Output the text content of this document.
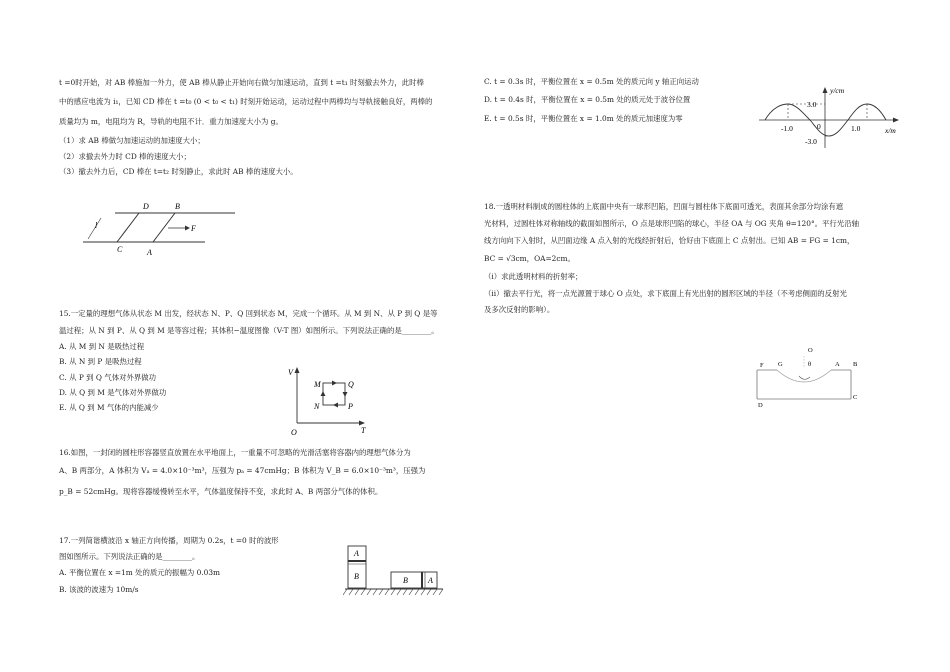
t =0时开始，对 AB 棒施加一外力，使 AB 棒从静止开始向右做匀加速运动，直到 t =t₁ 时刻撤去外力，此时棒
中的感应电流为 i₁，已知 CD 棒在 t =t₀ (0 < t₀ < t₁) 时刻开始运动，运动过程中两棒均与导轨接触良好，两棒的
质量均为 m，电阻均为 R，导轨的电阻不计．重力加速度大小为 g。
（1）求 AB 棒做匀加速运动的加速度大小；
（2）求撤去外力时 CD 棒的速度大小；
（3）撤去外力后，CD 棒在 t=t₂ 时刻静止，求此时 AB 棒的速度大小。
D	B
C	A
F
l
15.一定量的理想气体从状态 M 出发，经状态 N、P、Q 回到状态 M，完成一个循环。从 M 到 N、从 P 到 Q 是等
温过程；从 N 到 P、从 Q 到 M 是等容过程；其体积−温度图像（V-T 图）如图所示。下列说法正确的是________。
A. 从 M 到 N 是吸热过程
B. 从 N 到 P 是吸热过程
C. 从 P 到 Q 气体对外界做功
D. 从 Q 到 M 是气体对外界做功
E. 从 Q 到 M 气体的内能减少
V
T
O
M	Q
N	P
16.如图，一封闭的圆柱形容器竖直放置在水平地面上，一重量不可忽略的光滑活塞将容器内的理想气体分为
A、B 两部分，A 体积为 Vₐ = 4.0×10⁻³m³，压强为 pₐ = 47cmHg；B 体积为 V_B = 6.0×10⁻³m³，压强为
p_B = 52cmHg。现将容器缓慢转至水平，气体温度保持不变，求此时 A、B 两部分气体的体积。
17.一列简谐横波沿 x 轴正方向传播，周期为 0.2s，t =0 时的波形
图如图所示。下列说法正确的是________。
A. 平衡位置在 x =1m 处的质元的振幅为 0.03m
B. 该波的波速为 10m/s
A
B	B	A
C. t = 0.3s 时，平衡位置在 x = 0.5m 处的质元向 y 轴正向运动
D. t = 0.4s 时，平衡位置在 x = 0.5m 处的质元处于波谷位置
E. t = 0.5s 时，平衡位置在 x = 1.0m 处的质元加速度为零
y/cm
x/m
3.0
-3.0
-1.0	0	1.0
18.一透明材料制成的圆柱体的上底面中央有一球形凹陷，凹面与圆柱体下底面可透光，表面其余部分均涂有遮
光材料，过圆柱体对称轴线的截面如图所示，O 点是球形凹陷的球心，半径 OA 与 OG 夹角 θ=120°。平行光沿轴
线方向向下入射时，从凹面边缘 A 点入射的光线经折射后，恰好由下底面上 C 点射出。已知 AB = FG = 1cm，
BC = √3cm，OA=2cm。
（i）求此透明材料的折射率；
（ii）撤去平行光，将一点光源置于球心 O 点处，求下底面上有光出射的圆形区域的半径（不考虑侧面的反射光
及多次反射的影响）。
F G
O
θ	A B
D
C
